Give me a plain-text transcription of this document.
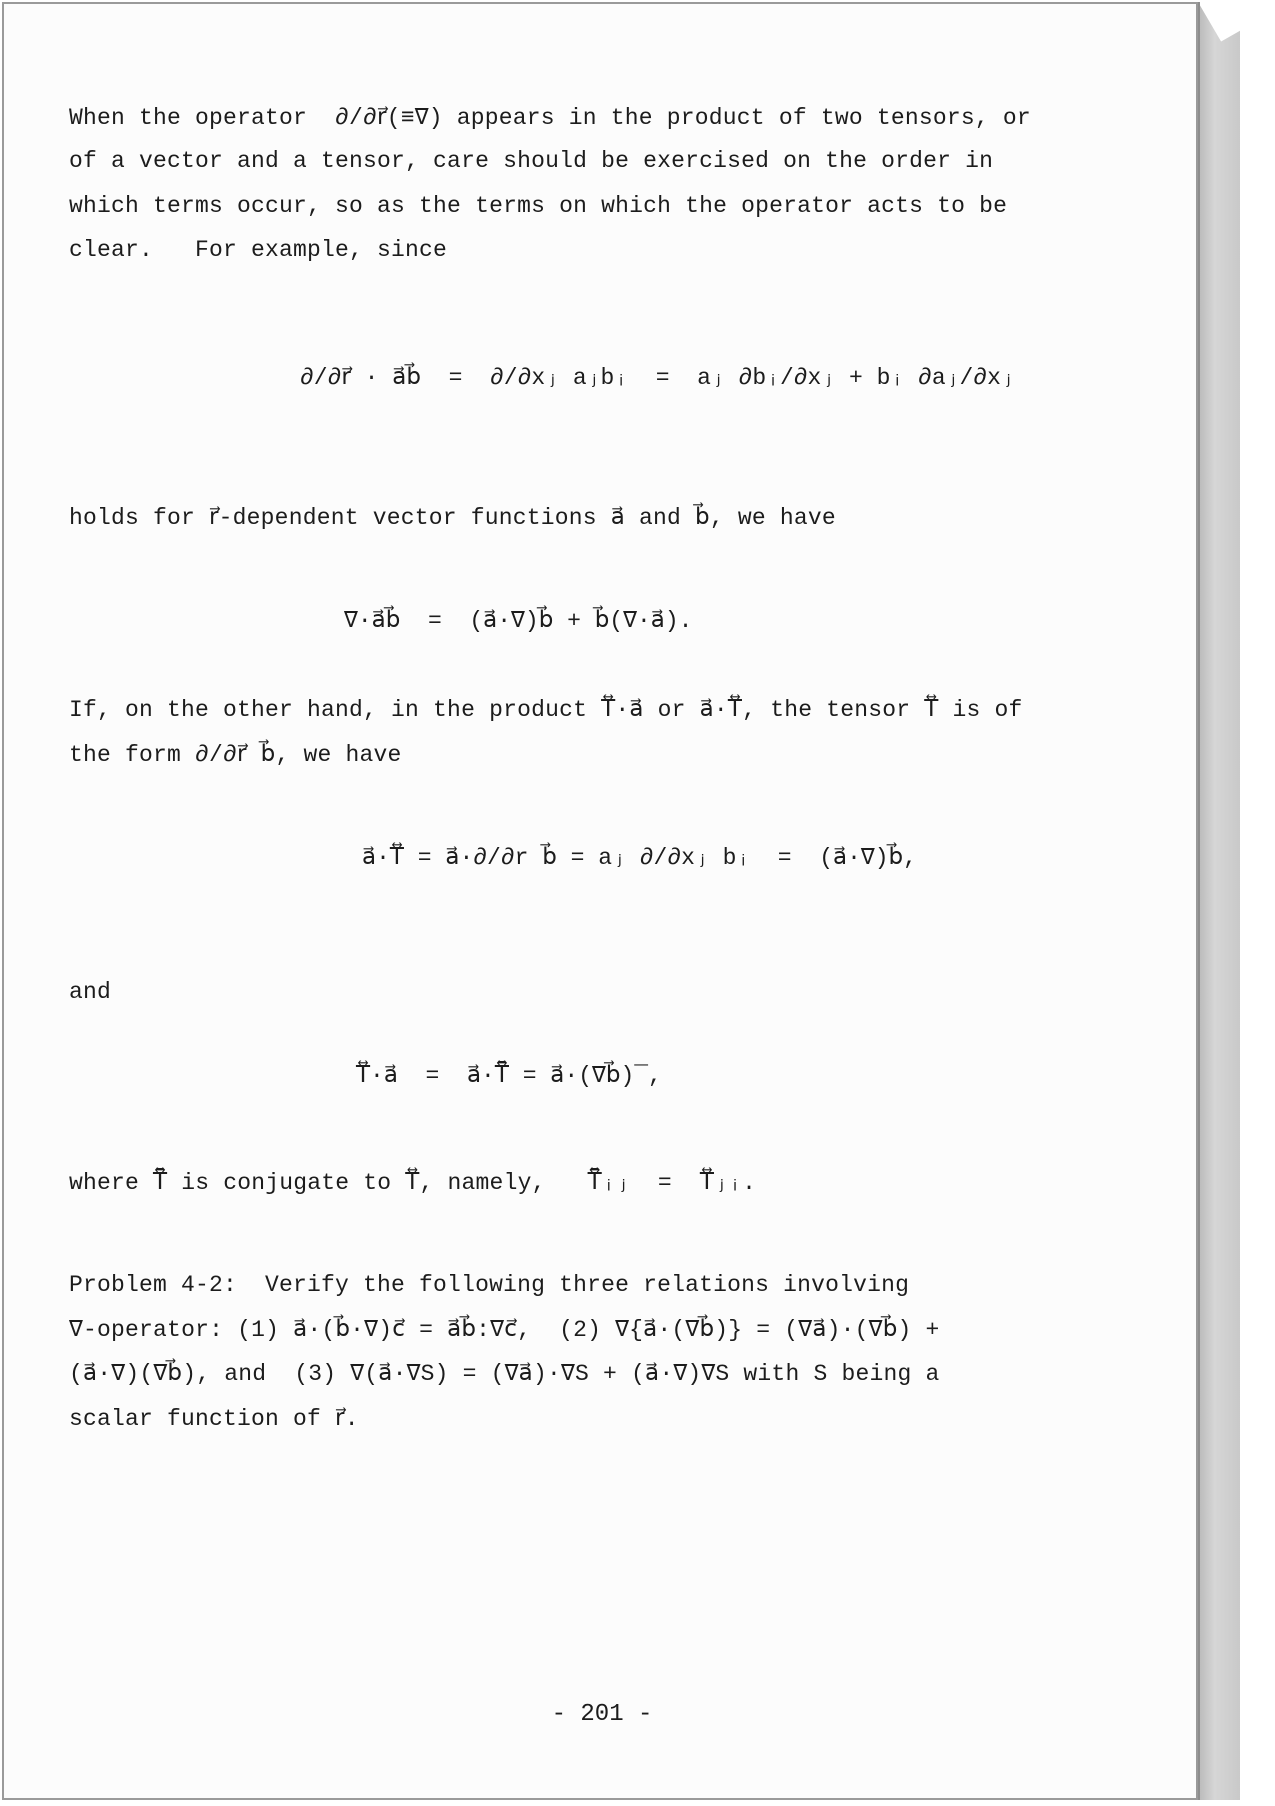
When the operator  ∂/∂r⃗(≡∇) appears in the product of two tensors, or
of a vector and a tensor, care should be exercised on the order in
which terms occur, so as the terms on which the operator acts to be
clear.   For example, since
∂/∂r⃗ · a⃗b⃗  =  ∂/∂xⱼ aⱼbᵢ  =  aⱼ ∂bᵢ/∂xⱼ + bᵢ ∂aⱼ/∂xⱼ
holds for r⃗-dependent vector functions a⃗ and b⃗, we have
∇·a⃗b⃗  =  (a⃗·∇)b⃗ + b⃗(∇·a⃗).
If, on the other hand, in the product T⃡·a⃗ or a⃗·T⃡, the tensor T⃡ is of
the form ∂/∂r⃗ b⃗, we have
a⃗·T⃡ = a⃗·∂/∂r b⃗ = aⱼ ∂/∂xⱼ bᵢ  =  (a⃗·∇)b⃗,
and
T⃡·a⃗  =  a⃗·T̄⃡ = a⃗·(∇b⃗)‾,
where T̄⃡ is conjugate to T⃡, namely,   T̄⃡ᵢⱼ  =  T⃡ⱼᵢ.
Problem 4-2:  Verify the following three relations involving
∇-operator: (1) a⃗·(b⃗·∇)c⃗ = a⃗b⃗:∇c⃗,  (2) ∇{a⃗·(∇b⃗)} = (∇a⃗)·(∇b⃗) +
(a⃗·∇)(∇b⃗), and  (3) ∇(a⃗·∇S) = (∇a⃗)·∇S + (a⃗·∇)∇S with S being a
scalar function of r⃗.
- 201 -
